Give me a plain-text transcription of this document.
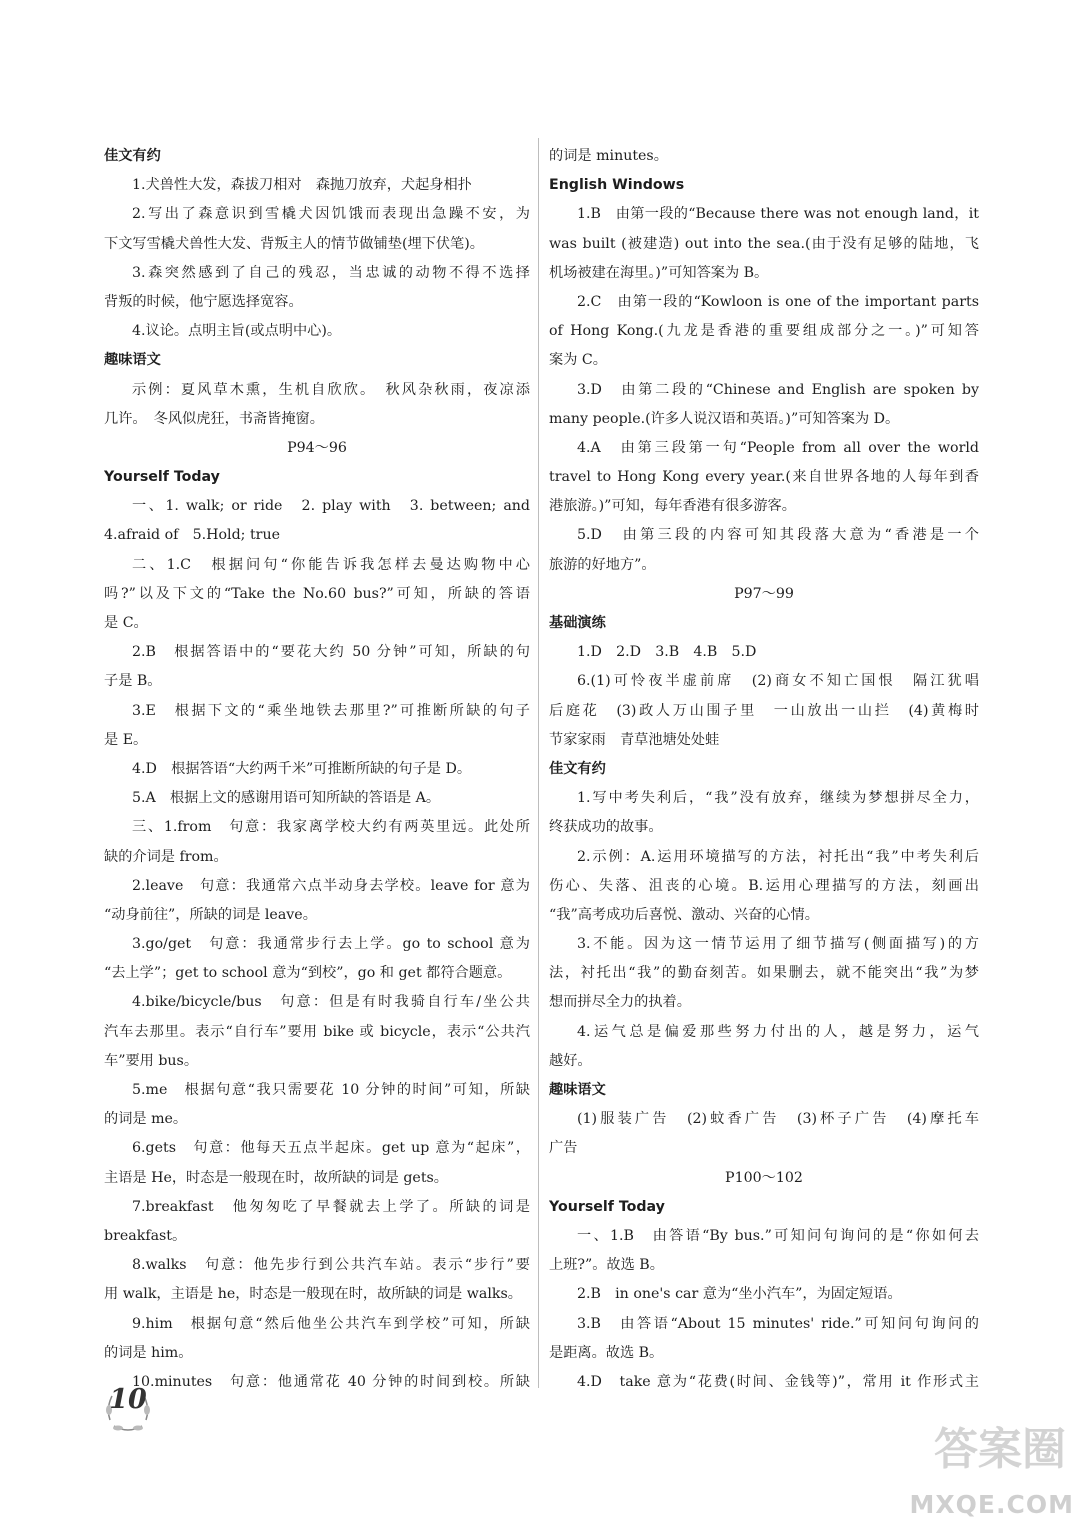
佳文有约
1.犬兽性大发，森拔刀相对　森抛刀放弃，犬起身相扑
2.写出了森意识到雪橇犬因饥饿而表现出急躁不安，为
下文写雪橇犬兽性大发、背叛主人的情节做铺垫(埋下伏笔)。
3.森突然感到了自己的残忍，当忠诚的动物不得不选择
背叛的时候，他宁愿选择宽容。
4.议论。点明主旨(或点明中心)。
趣味语文
示例：夏风草木熏，生机自欣欣。　秋风杂秋雨，夜凉添
几许。　冬风似虎狂，书斋皆掩窗。
P94～96
Yourself Today
一、1. walk; or ride　2. play with　3. between; and
4.afraid of　5.Hold; true
二、1.C　根据问句“你能告诉我怎样去曼达购物中心
吗?”以及下文的“Take the No.60 bus?”可知，所缺的答语
是 C。
2.B　根据答语中的“要花大约 50 分钟”可知，所缺的句
子是 B。
3.E　根据下文的“乘坐地铁去那里?”可推断所缺的句子
是 E。
4.D　根据答语“大约两千米”可推断所缺的句子是 D。
5.A　根据上文的感谢用语可知所缺的答语是 A。
三、1.from　句意：我家离学校大约有两英里远。此处所
缺的介词是 from。
2.leave　句意：我通常六点半动身去学校。leave for 意为
“动身前往”，所缺的词是 leave。
3.go/get　句意：我通常步行去上学。go to school 意为
“去上学”；get to school 意为“到校”，go 和 get 都符合题意。
4.bike/bicycle/bus　句意：但是有时我骑自行车/坐公共
汽车去那里。表示“自行车”要用 bike 或 bicycle，表示“公共汽
车”要用 bus。
5.me　根据句意“我只需要花 10 分钟的时间”可知，所缺
的词是 me。
6.gets　句意：他每天五点半起床。get up 意为“起床”，
主语是 He，时态是一般现在时，故所缺的词是 gets。
7.breakfast　他匆匆吃了早餐就去上学了。所缺的词是
breakfast。
8.walks　句意：他先步行到公共汽车站。表示“步行”要
用 walk，主语是 he，时态是一般现在时，故所缺的词是 walks。
9.him　根据句意“然后他坐公共汽车到学校”可知，所缺
的词是 him。
10.minutes　句意：他通常花 40 分钟的时间到校。所缺
的词是 minutes。
English Windows
1.B　由第一段的“Because there was not enough land，it
was built (被建造) out into the sea.(由于没有足够的陆地，飞
机场被建在海里。)”可知答案为 B。
2.C　由第一段的“Kowloon is one of the important parts
of Hong Kong.(九龙是香港的重要组成部分之一。)”可知答
案为 C。
3.D　由第二段的“Chinese and English are spoken by
many people.(许多人说汉语和英语。)”可知答案为 D。
4.A　由第三段第一句“People from all over the world
travel to Hong Kong every year.(来自世界各地的人每年到香
港旅游。)”可知，每年香港有很多游客。
5.D　由第三段的内容可知其段落大意为“香港是一个
旅游的好地方”。
P97～99
基础演练
1.D　2.D　3.B　4.B　5.D
6.(1)可怜夜半虚前席　(2)商女不知亡国恨　隔江犹唱
后庭花　(3)政人万山围子里　一山放出一山拦　(4)黄梅时
节家家雨　青草池塘处处蛙
佳文有约
1.写中考失利后，“我”没有放弃，继续为梦想拼尽全力，
终获成功的故事。
2.示例：A.运用环境描写的方法，衬托出“我”中考失利后
伤心、失落、沮丧的心境。B.运用心理描写的方法，刻画出
“我”高考成功后喜悦、激动、兴奋的心情。
3.不能。因为这一情节运用了细节描写(侧面描写)的方
法，衬托出“我”的勤奋刻苦。如果删去，就不能突出“我”为梦
想而拼尽全力的执着。
4.运气总是偏爱那些努力付出的人，越是努力，运气
越好。
趣味语文
(1)服装广告　(2)蚊香广告　(3)杯子广告　(4)摩托车
广告
P100～102
Yourself Today
一、1.B　由答语“By bus.”可知问句询问的是“你如何去
上班?”。故选 B。
2.B　in one's car 意为“坐小汽车”，为固定短语。
3.B　由答语“About 15 minutes' ride.”可知问句询问的
是距离。故选 B。
4.D　take 意为“花费(时间、金钱等)”，常用 it 作形式主
10
答案圈
MXQE.COM
